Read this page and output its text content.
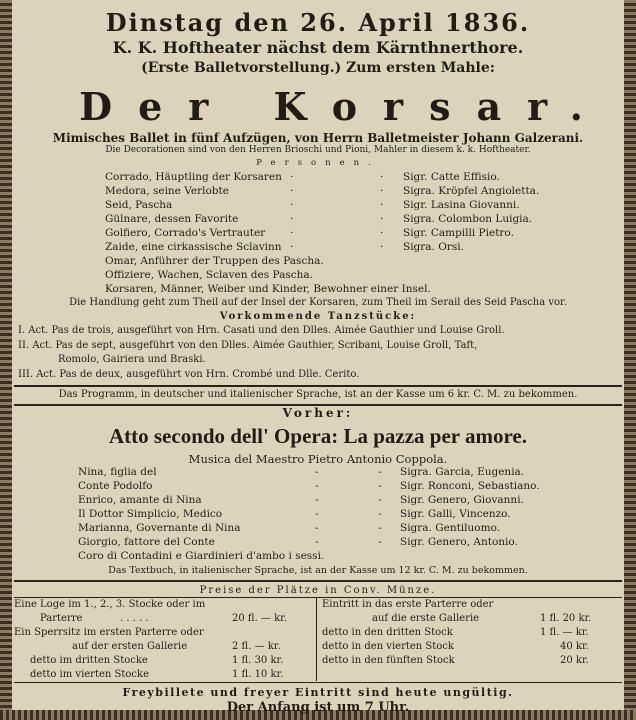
Dinstag den 26. April 1836.
K. K. Hoftheater nächst dem Kärnthnerthore.
(Erste Balletvorstellung.) Zum ersten Mahle:
Der Korsar.
Mimisches Ballet in fünf Aufzügen, von Herrn Balletmeister Johann Galzerani.
Die Decorationen sind von den Herren Brioschi und Pioni, Mahler in diesem k. k. Hoftheater.
Personen.
Corrado, Häuptling der Korsaren ·	· Sigr. Catte Effisio.
Medora, seine Verlobte	·	· Sigra. Kröpfel Angioletta.
Seid, Pascha	·	· Sigr. Lasina Giovanni.
Gülnare, dessen Favorite	·	· Sigra. Colombon Luigia.
Golfiero, Corrado's Vertrauter ·	· Sigr. Campilli Pietro.
Zaide, eine cirkassische Sclavinn ·	· Sigra. Orsi.
Omar, Anführer der Truppen des Pascha.
Offiziere, Wachen, Sclaven des Pascha.
Korsaren, Männer, Weiber und Kinder, Bewohner einer Insel.
Die Handlung geht zum Theil auf der Insel der Korsaren, zum Theil im Serail des Seid Pascha vor.
Vorkommende Tanzstücke:
I. Act. Pas de trois, ausgeführt von Hrn. Casati und den Dlles. Aimée Gauthier und Louise Groll.
II. Act. Pas de sept, ausgeführt von den Dlles. Aimée Gauthier, Scribani, Louise Groll, Taft,
Romolo, Gairiera und Braski.
III. Act. Pas de deux, ausgeführt von Hrn. Crombé und Dlle. Cerito.
Das Programm, in deutscher und italienischer Sprache, ist an der Kasse um 6 kr. C. M. zu bekommen.
Vorher:
Atto secondo dell' Opera: La pazza per amore.
Musica del Maestro Pietro Antonio Coppola.
Nina, figlia del	-	- Sigra. Garcia, Eugenia.
Conte Podolfo	-	- Sigr. Ronconi, Sebastiano.
Enrico, amante di Nina	-	- Sigr. Genero, Giovanni.
Il Dottor Simplicio, Medico	-	- Sigr. Galli, Vincenzo.
Marianna, Governante di Nina	-	- Sigra. Gentiluomo.
Giorgio, fattore del Conte	-	- Sigr. Genero, Antonio.
Coro di Contadini e Giardinieri d'ambo i sessi.
Das Textbuch, in italienischer Sprache, ist an der Kasse um 12 kr. C. M. zu bekommen.
Preise der Plätze in Conv. Münze.
Eine Loge im 1., 2., 3. Stocke oder im
Parterre	. . . . .	20 fl. — kr.
Ein Sperrsitz im ersten Parterre oder
auf der ersten Gallerie	2 fl. — kr.
detto im dritten Stocke	1 fl. 30 kr.
detto im vierten Stocke	1 fl. 10 kr.
Eintritt in das erste Parterre oder
auf die erste Gallerie	1 fl. 20 kr.
detto in den dritten Stock	1 fl. — kr.
detto in den vierten Stock	40 kr.
detto in den fünften Stock	20 kr.
Freybillete und freyer Eintritt sind heute ungültig.
Der Anfang ist um 7 Uhr.
